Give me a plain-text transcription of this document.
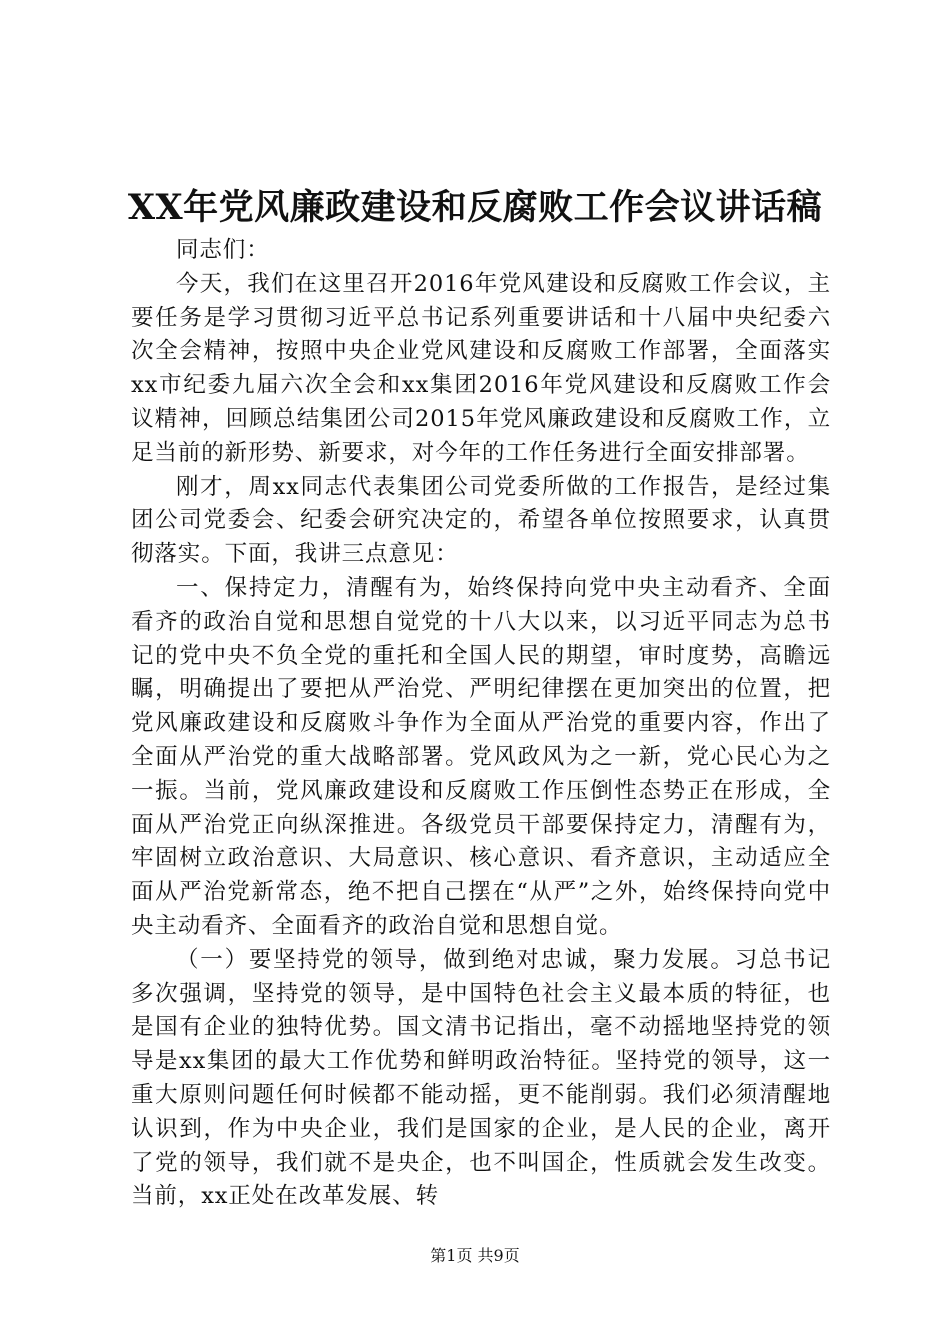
XX年党风廉政建设和反腐败工作会议讲话稿

同志们：

今天，我们在这里召开2016年党风建设和反腐败工作会议，主要任务是学习贯彻习近平总书记系列重要讲话和十八届中央纪委六次全会精神，按照中央企业党风建设和反腐败工作部署，全面落实xx市纪委九届六次全会和xx集团2016年党风建设和反腐败工作会议精神，回顾总结集团公司2015年党风廉政建设和反腐败工作，立足当前的新形势、新要求，对今年的工作任务进行全面安排部署。

刚才，周xx同志代表集团公司党委所做的工作报告，是经过集团公司党委会、纪委会研究决定的，希望各单位按照要求，认真贯彻落实。下面，我讲三点意见：

一、保持定力，清醒有为，始终保持向党中央主动看齐、全面看齐的政治自觉和思想自觉党的十八大以来，以习近平同志为总书记的党中央不负全党的重托和全国人民的期望，审时度势，高瞻远瞩，明确提出了要把从严治党、严明纪律摆在更加突出的位置，把党风廉政建设和反腐败斗争作为全面从严治党的重要内容，作出了全面从严治党的重大战略部署。党风政风为之一新，党心民心为之一振。当前，党风廉政建设和反腐败工作压倒性态势正在形成，全面从严治党正向纵深推进。各级党员干部要保持定力，清醒有为，牢固树立政治意识、大局意识、核心意识、看齐意识，主动适应全面从严治党新常态，绝不把自己摆在“从严”之外，始终保持向党中央主动看齐、全面看齐的政治自觉和思想自觉。

（一）要坚持党的领导，做到绝对忠诚，聚力发展。习总书记多次强调，坚持党的领导，是中国特色社会主义最本质的特征，也是国有企业的独特优势。国文清书记指出，毫不动摇地坚持党的领导是xx集团的最大工作优势和鲜明政治特征。坚持党的领导，这一重大原则问题任何时候都不能动摇，更不能削弱。我们必须清醒地认识到，作为中央企业，我们是国家的企业，是人民的企业，离开了党的领导，我们就不是央企，也不叫国企，性质就会发生改变。当前，xx正处在改革发展、转

第1页 共9页
